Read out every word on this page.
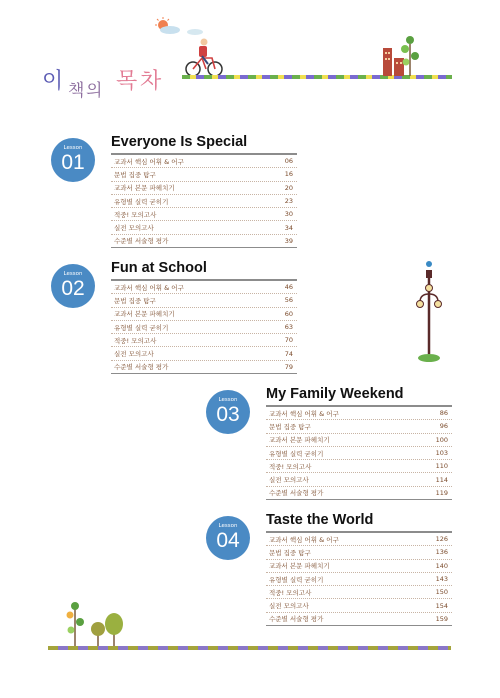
이 책 의 목 차
Lesson
01
Everyone Is Special
교과서 핵심 어휘 & 어구	06
문법 집중 탐구	16
교과서 본문 파헤치기	20
유형별 실력 굳히기	23
적중! 모의고사	30
실전 모의고사	34
수준별 서술형 평가	39
Lesson
02
Fun at School
교과서 핵심 어휘 & 어구	46
문법 집중 탐구	56
교과서 본문 파헤치기	60
유형별 실력 굳히기	63
적중! 모의고사	70
실전 모의고사	74
수준별 서술형 평가	79
Lesson
03
My Family Weekend
교과서 핵심 어휘 & 어구	86
문법 집중 탐구	96
교과서 본문 파헤치기	100
유형별 실력 굳히기	103
적중! 모의고사	110
실전 모의고사	114
수준별 서술형 평가	119
Lesson
04
Taste the World
교과서 핵심 어휘 & 어구	126
문법 집중 탐구	136
교과서 본문 파헤치기	140
유형별 실력 굳히기	143
적중! 모의고사	150
실전 모의고사	154
수준별 서술형 평가	159
